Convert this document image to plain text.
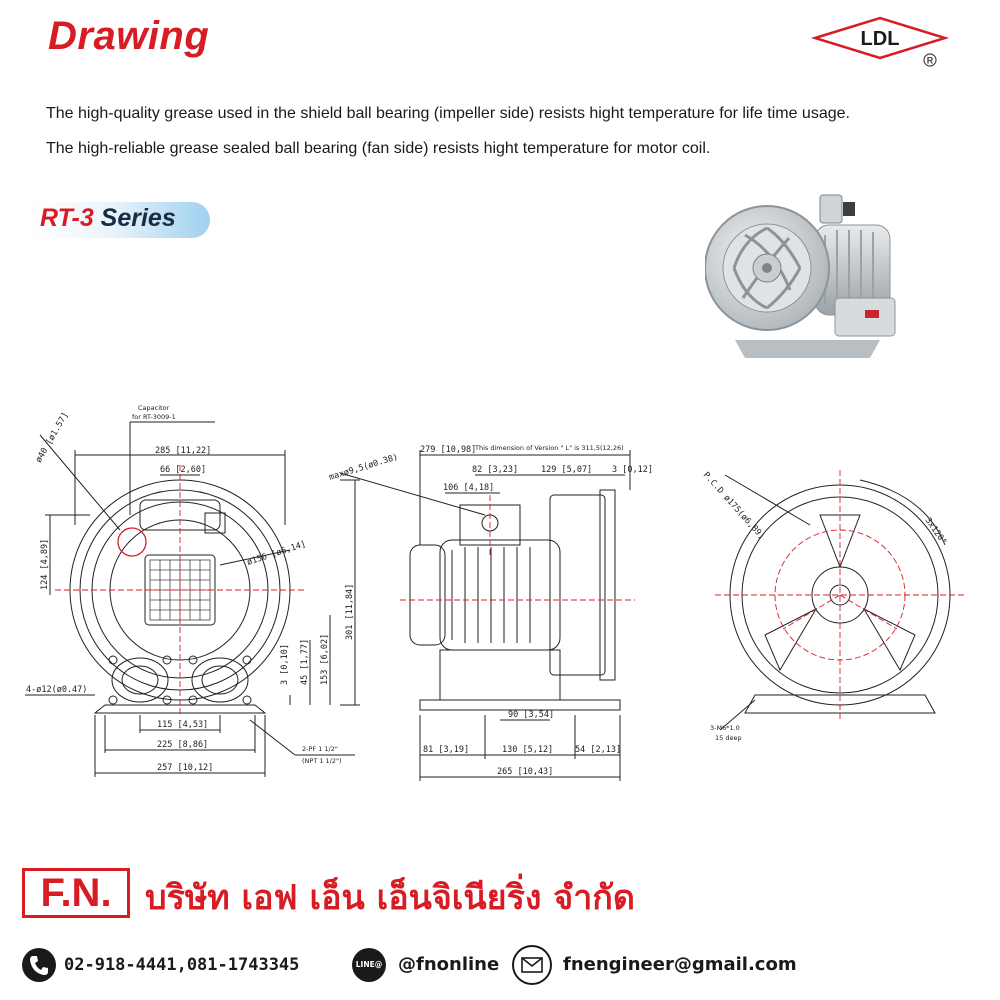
Drawing	LDL
R
The high-quality grease used in the shield ball bearing (impeller side) resists hight temperature for life time usage.
The high-reliable grease sealed ball bearing (fan side) resists hight temperature for motor coil.
RT-3 Series
Capacitor
for RT-3009-1
ø40 [ø1.57]	285 [11,22]
66 [2,60]
124 [4,89]	ø156 [ø6,14]
301 [11,84]
3 [0,10] 45 [1,77] 153 [6,02]
4-ø12(ø0.47)
115 [4,53]
225 [8,86]
257 [10,12]
2-PF 1 1/2"
(NPT 1 1/2")
279 [10,98]
This dimension of Version " L" is 311,5(12,26)
maxø9,5(ø0.38)	82 [3,23]	129 [5,07] 3 [0,12]
106 [4,18]
90 [3,54]
81 [3,19]	130 [5,12]	54 [2,13]
265 [10,43]
P.C.D ø175(ø6,89)	3x120°
3-M6*1.0
15 deep
F.N. บริษัท เอฟ เอ็น เอ็นจิเนียริ่ง จำกัด
02-918-4441,081-1743345	LINE@ @fnonline	fnengineer@gmail.com
